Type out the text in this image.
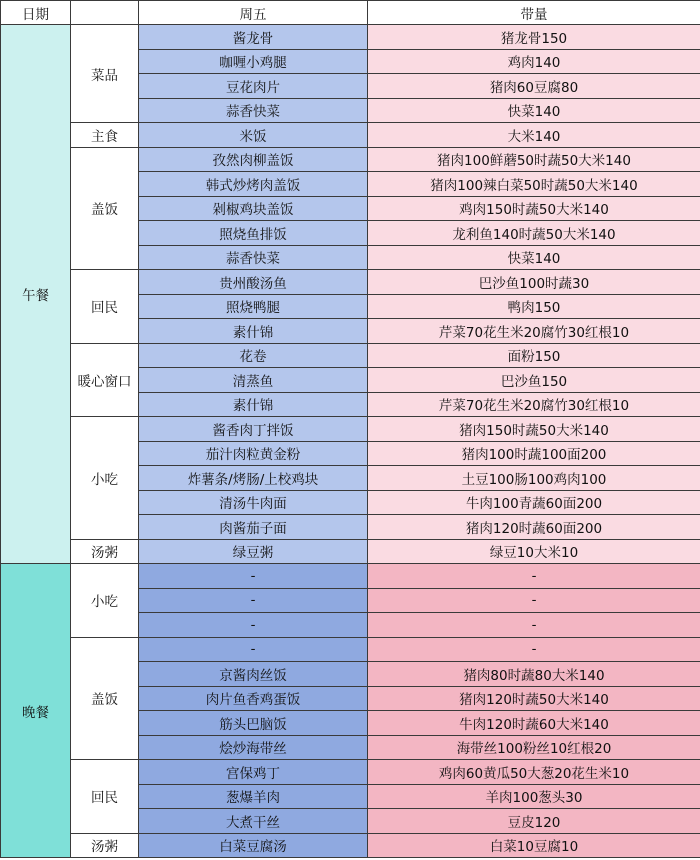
日期		周五	带量
午餐	菜品	酱龙骨	猪龙骨150
		咖喱小鸡腿	鸡肉140
		豆花肉片	猪肉60豆腐80
		蒜香快菜	快菜140
	主食	米饭	大米140
	盖饭	孜然肉柳盖饭	猪肉100鲜蘑50时蔬50大米140
		韩式炒烤肉盖饭	猪肉100辣白菜50时蔬50大米140
		剁椒鸡块盖饭	鸡肉150时蔬50大米140
		照烧鱼排饭	龙利鱼140时蔬50大米140
		蒜香快菜	快菜140
	回民	贵州酸汤鱼	巴沙鱼100时蔬30
		照烧鸭腿	鸭肉150
		素什锦	芹菜70花生米20腐竹30红根10
	暖心窗口	花卷	面粉150
		清蒸鱼	巴沙鱼150
		素什锦	芹菜70花生米20腐竹30红根10
	小吃	酱香肉丁拌饭	猪肉150时蔬50大米140
		茄汁肉粒黄金粉	猪肉100时蔬100面200
		炸薯条/烤肠/上校鸡块	土豆100肠100鸡肉100
		清汤牛肉面	牛肉100青蔬60面200
		肉酱茄子面	猪肉120时蔬60面200
	汤粥	绿豆粥	绿豆10大米10
晚餐	小吃	-	-
		-	-
		-	-
	盖饭	-	-
		京酱肉丝饭	猪肉80时蔬80大米140
		肉片鱼香鸡蛋饭	猪肉120时蔬50大米140
		筋头巴脑饭	牛肉120时蔬60大米140
		烩炒海带丝	海带丝100粉丝10红根20
	回民	宫保鸡丁	鸡肉60黄瓜50大葱20花生米10
		葱爆羊肉	羊肉100葱头30
		大煮干丝	豆皮120
	汤粥	白菜豆腐汤	白菜10豆腐10
